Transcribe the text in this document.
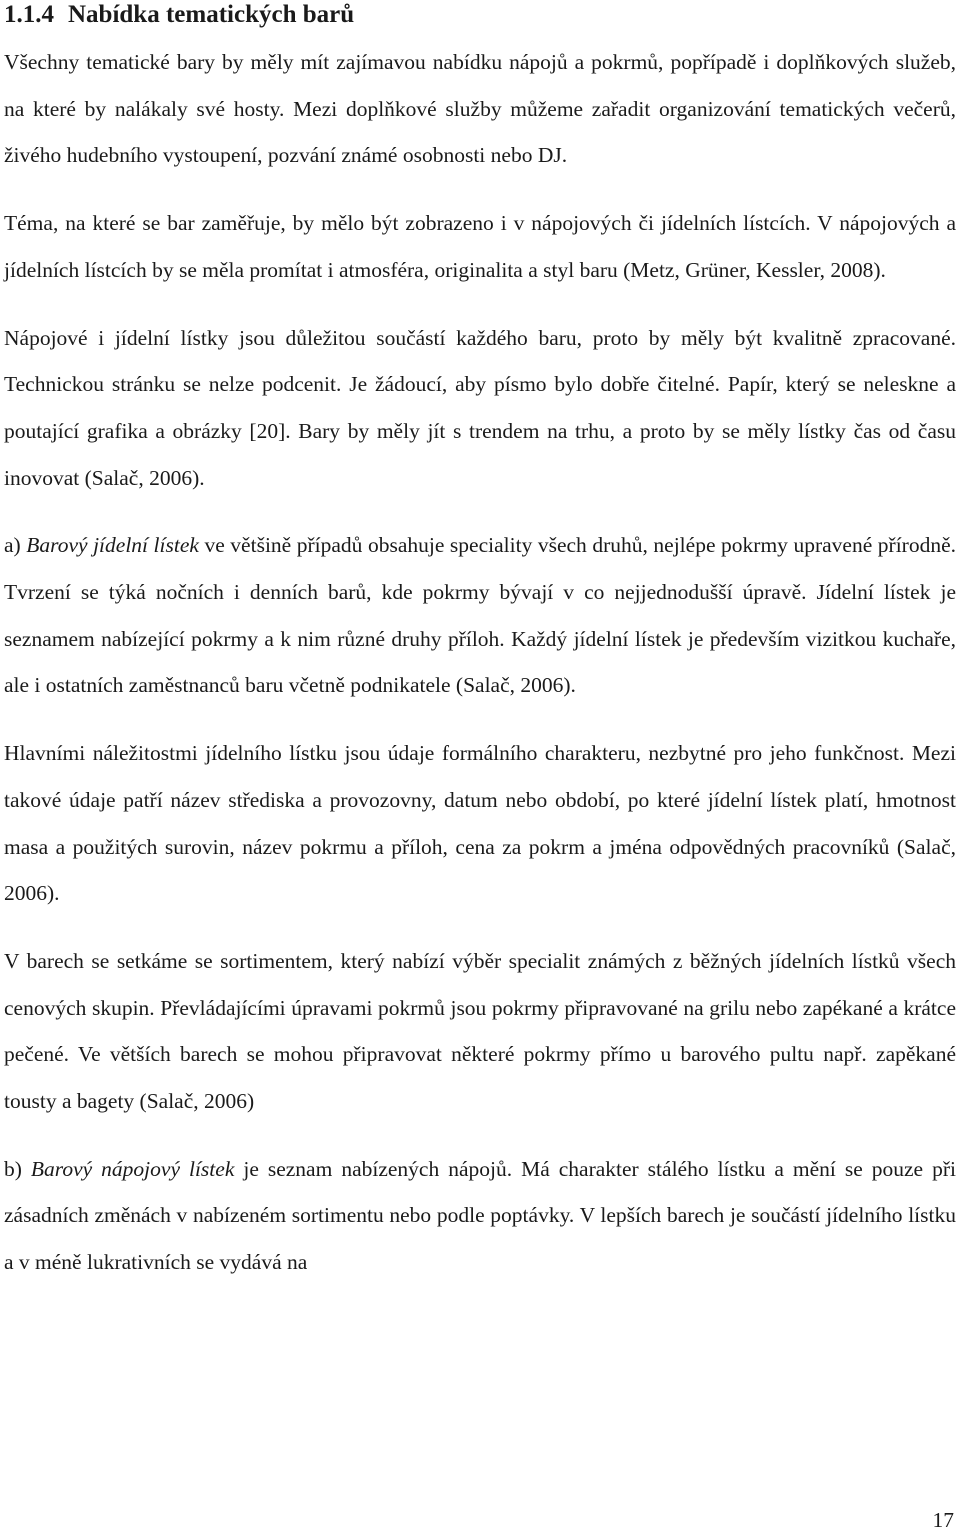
1.1.4 Nabídka tematických barů

Všechny tematické bary by měly mít zajímavou nabídku nápojů a pokrmů, popřípadě i doplňkových služeb, na které by nalákaly své hosty. Mezi doplňkové služby můžeme zařadit organizování tematických večerů, živého hudebního vystoupení, pozvání známé osobnosti nebo DJ.

Téma, na které se bar zaměřuje, by mělo být zobrazeno i v nápojových či jídelních lístcích. V nápojových a jídelních lístcích by se měla promítat i atmosféra, originalita a styl baru (Metz, Grüner, Kessler, 2008).

Nápojové i jídelní lístky jsou důležitou součástí každého baru, proto by měly být kvalitně zpracované. Technickou stránku se nelze podcenit. Je žádoucí, aby písmo bylo dobře čitelné. Papír, který se neleskne a poutající grafika a obrázky [20]. Bary by měly jít s trendem na trhu, a proto by se měly lístky čas od času inovovat (Salač, 2006).

a) Barový jídelní lístek ve většině případů obsahuje speciality všech druhů, nejlépe pokrmy upravené přírodně. Tvrzení se týká nočních i denních barů, kde pokrmy bývají v co nejjednodušší úpravě. Jídelní lístek je seznamem nabízející pokrmy a k nim různé druhy příloh. Každý jídelní lístek je především vizitkou kuchaře, ale i ostatních zaměstnanců baru včetně podnikatele (Salač, 2006).

Hlavními náležitostmi jídelního lístku jsou údaje formálního charakteru, nezbytné pro jeho funkčnost. Mezi takové údaje patří název střediska a provozovny, datum nebo období, po které jídelní lístek platí, hmotnost masa a použitých surovin, název pokrmu a příloh, cena za pokrm a jména odpovědných pracovníků (Salač, 2006).

V barech se setkáme se sortimentem, který nabízí výběr specialit známých z běžných jídelních lístků všech cenových skupin. Převládajícími úpravami pokrmů jsou pokrmy připravované na grilu nebo zapékané a krátce pečené. Ve větších barech se mohou připravovat některé pokrmy přímo u barového pultu např. zapěkané tousty a bagety (Salač, 2006)

b) Barový nápojový lístek je seznam nabízených nápojů. Má charakter stálého lístku a mění se pouze při zásadních změnách v nabízeném sortimentu nebo podle poptávky. V lepších barech je součástí jídelního lístku a v méně lukrativních se vydává na

17
